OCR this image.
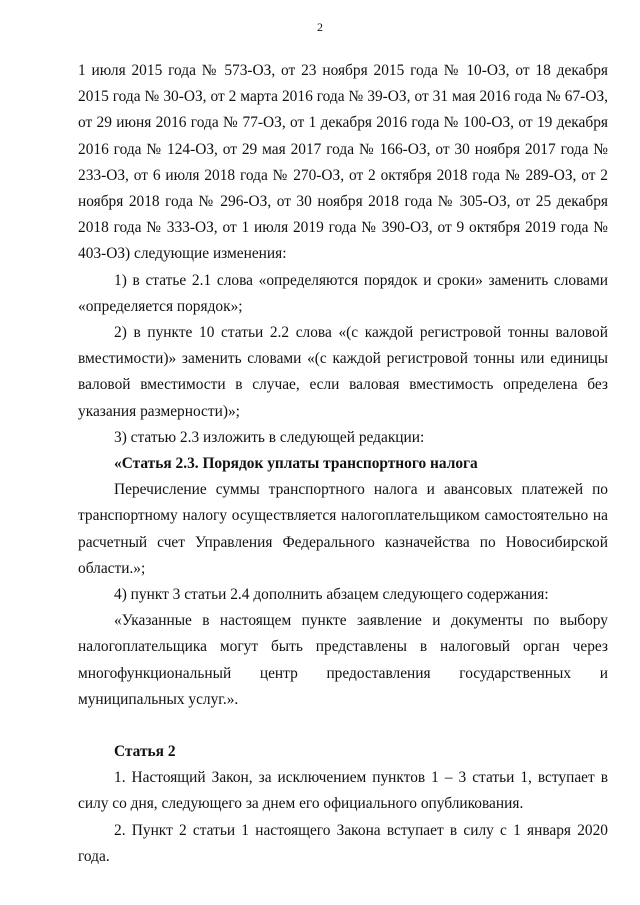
2

1 июля 2015 года № 573-ОЗ, от 23 ноября 2015 года № 10-ОЗ, от 18 декабря 2015 года № 30-ОЗ, от 2 марта 2016 года № 39-ОЗ, от 31 мая 2016 года № 67-ОЗ, от 29 июня 2016 года № 77-ОЗ, от 1 декабря 2016 года № 100-ОЗ, от 19 декабря 2016 года № 124-ОЗ, от 29 мая 2017 года № 166-ОЗ, от 30 ноября 2017 года № 233-ОЗ, от 6 июля 2018 года № 270-ОЗ, от 2 октября 2018 года № 289-ОЗ, от 2 ноября 2018 года № 296-ОЗ, от 30 ноября 2018 года № 305-ОЗ, от 25 декабря 2018 года № 333-ОЗ, от 1 июля 2019 года № 390-ОЗ, от 9 октября 2019 года № 403-ОЗ) следующие изменения:

1) в статье 2.1 слова «определяются порядок и сроки» заменить словами «определяется порядок»;

2) в пункте 10 статьи 2.2 слова «(с каждой регистровой тонны валовой вместимости)» заменить словами «(с каждой регистровой тонны или единицы валовой вместимости в случае, если валовая вместимость определена без указания размерности)»;

3) статью 2.3 изложить в следующей редакции:

«Статья 2.3. Порядок уплаты транспортного налога

Перечисление суммы транспортного налога и авансовых платежей по транспортному налогу осуществляется налогоплательщиком самостоятельно на расчетный счет Управления Федерального казначейства по Новосибирской области.»;

4) пункт 3 статьи 2.4 дополнить абзацем следующего содержания:

«Указанные в настоящем пункте заявление и документы по выбору налогоплательщика могут быть представлены в налоговый орган через многофункциональный центр предоставления государственных и муниципальных услуг.».

Статья 2

1. Настоящий Закон, за исключением пунктов 1 – 3 статьи 1, вступает в силу со дня, следующего за днем его официального опубликования.

2. Пункт 2 статьи 1 настоящего Закона вступает в силу с 1 января 2020 года.
